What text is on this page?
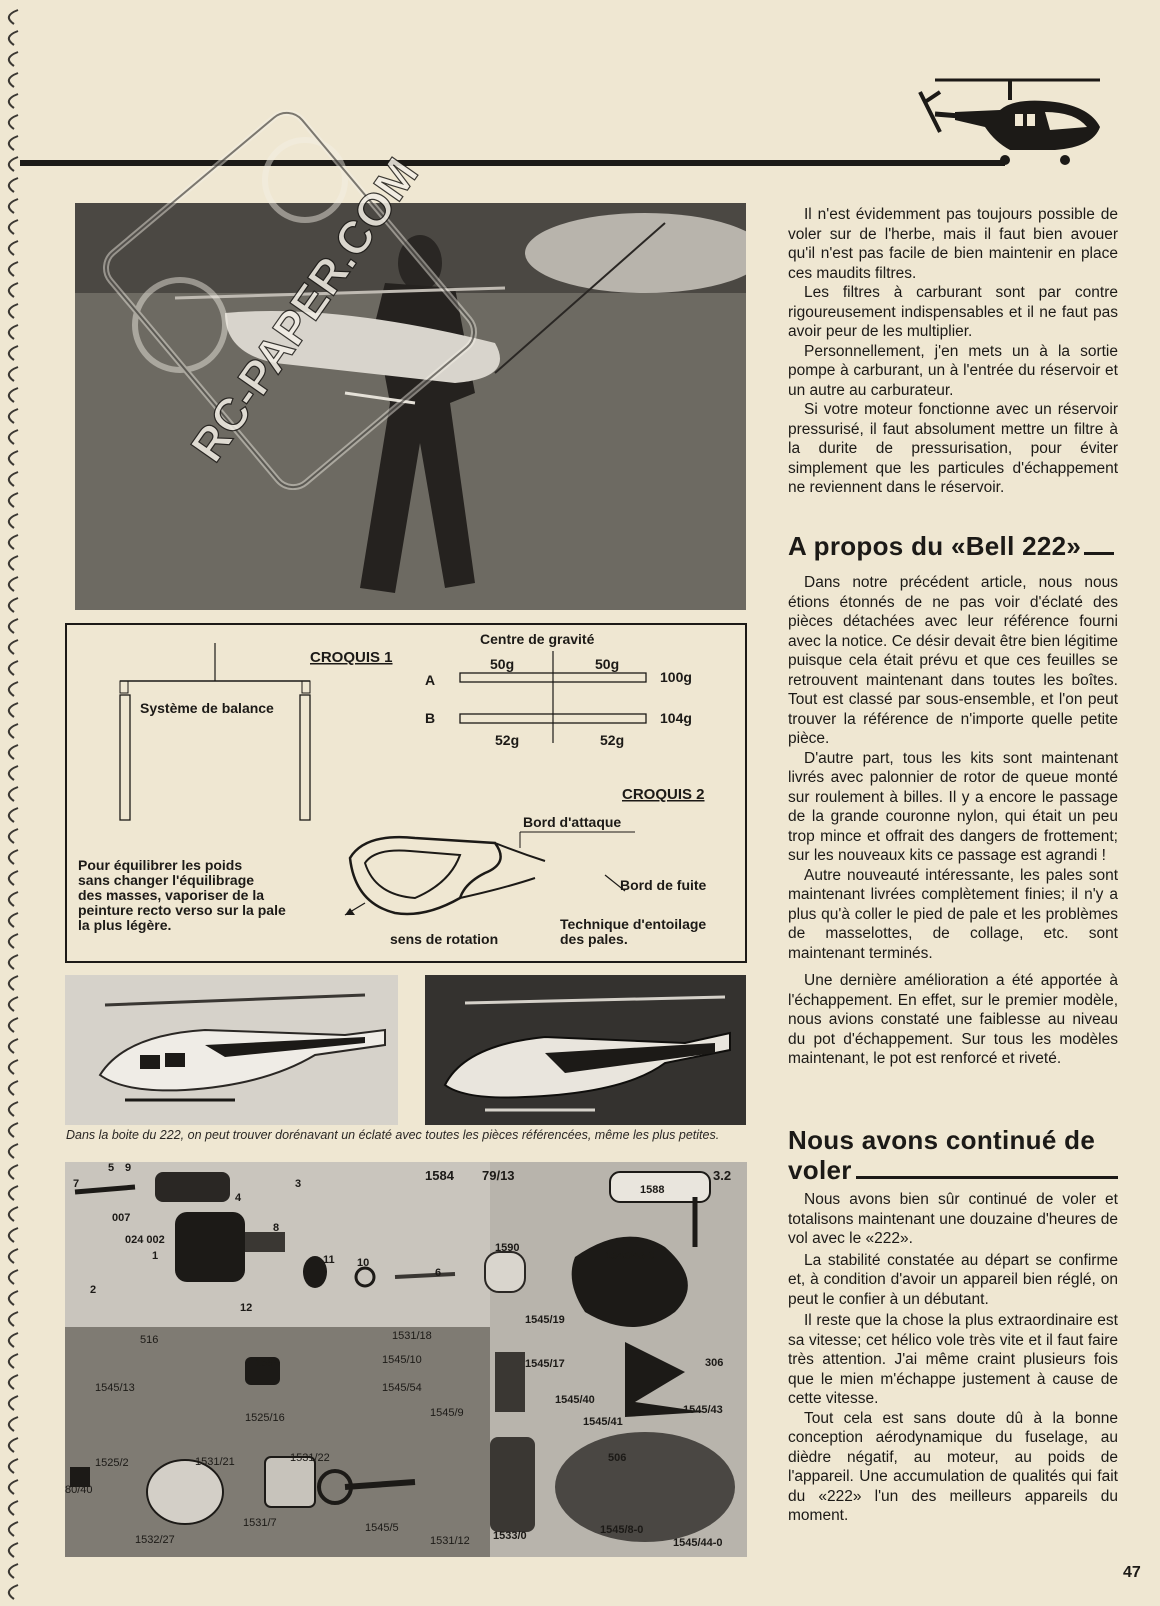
RC-PAPER.COM
CROQUIS 1
Système de balance
Centre de gravité
50g	50g
A	100g
B	104g
52g	52g
CROQUIS 2
Bord d'attaque
Bord de fuite
sens de rotation
Technique d'entoilage
des pales.
Pour équilibrer les poids
sans changer l'équilibrage
des masses, vaporiser de la
peinture recto verso sur la pale
la plus légère.
Dans la boite du 222, on peut trouver dorénavant un éclaté avec toutes les pièces référencées, même les plus petites.
1584 79/13	3.2
7
5 9
4
3
007
024 002
1
8
11 10
6
2
12
1588
1590
1545/45-0
1545/19
1545/17	306
516	1531/18
1545/10
1545/54
1584
1545/13
1525/16	1545/9
1545/40
1545/41
1545/43
1525/2
80/40
1532/27
1531/21	1531/22
1531/7	1545/5
1531/12 1533/0
506
1545/8-0
1545/44-0

Il n'est évidemment pas toujours possible de voler sur de l'herbe, mais il faut bien avouer qu'il n'est pas facile de bien maintenir en place ces maudits filtres.

Les filtres à carburant sont par contre rigoureusement indispensables et il ne faut pas avoir peur de les multiplier.

Personnellement, j'en mets un à la sortie pompe à carburant, un à l'entrée du réservoir et un autre au carburateur.

Si votre moteur fonctionne avec un réservoir pressurisé, il faut absolument mettre un filtre à la durite de pressurisation, pour éviter simplement que les particules d'échappement ne reviennent dans le réservoir.

A propos du «Bell 222»

Dans notre précédent article, nous nous étions étonnés de ne pas voir d'éclaté des pièces détachées avec leur référence fourni avec la notice. Ce désir devait être bien légitime puisque cela était prévu et que ces feuilles se retrouvent maintenant dans toutes les boîtes. Tout est classé par sous-ensemble, et l'on peut trouver la référence de n'importe quelle petite pièce.

D'autre part, tous les kits sont maintenant livrés avec palonnier de rotor de queue monté sur roulement à billes. Il y a encore le passage de la grande couronne nylon, qui était un peu trop mince et offrait des dangers de frottement; sur les nouveaux kits ce passage est agrandi !

Autre nouveauté intéressante, les pales sont maintenant livrées complètement finies; il n'y a plus qu'à coller le pied de pale et les problèmes de masselottes, de collage, etc. sont maintenant terminés.

Une dernière amélioration a été apportée à l'échappement. En effet, sur le premier modèle, nous avions constaté une faiblesse au niveau du pot d'échappement. Sur tous les modèles maintenant, le pot est renforcé et riveté.

Nous avons continué de
voler

Nous avons bien sûr continué de voler et totalisons maintenant une douzaine d'heures de vol avec le «222».

La stabilité constatée au départ se confirme et, à condition d'avoir un appareil bien réglé, on peut le confier à un débutant.

Il reste que la chose la plus extraordinaire est sa vitesse; cet hélico vole très vite et il faut faire très attention. J'ai même craint plusieurs fois que le mien m'échappe justement à cause de cette vitesse.

Tout cela est sans doute dû à la bonne conception aérodynamique du fuselage, au dièdre négatif, au moteur, au poids de l'appareil. Une accumulation de qualités qui fait du «222» l'un des meilleurs appareils du moment.

47
